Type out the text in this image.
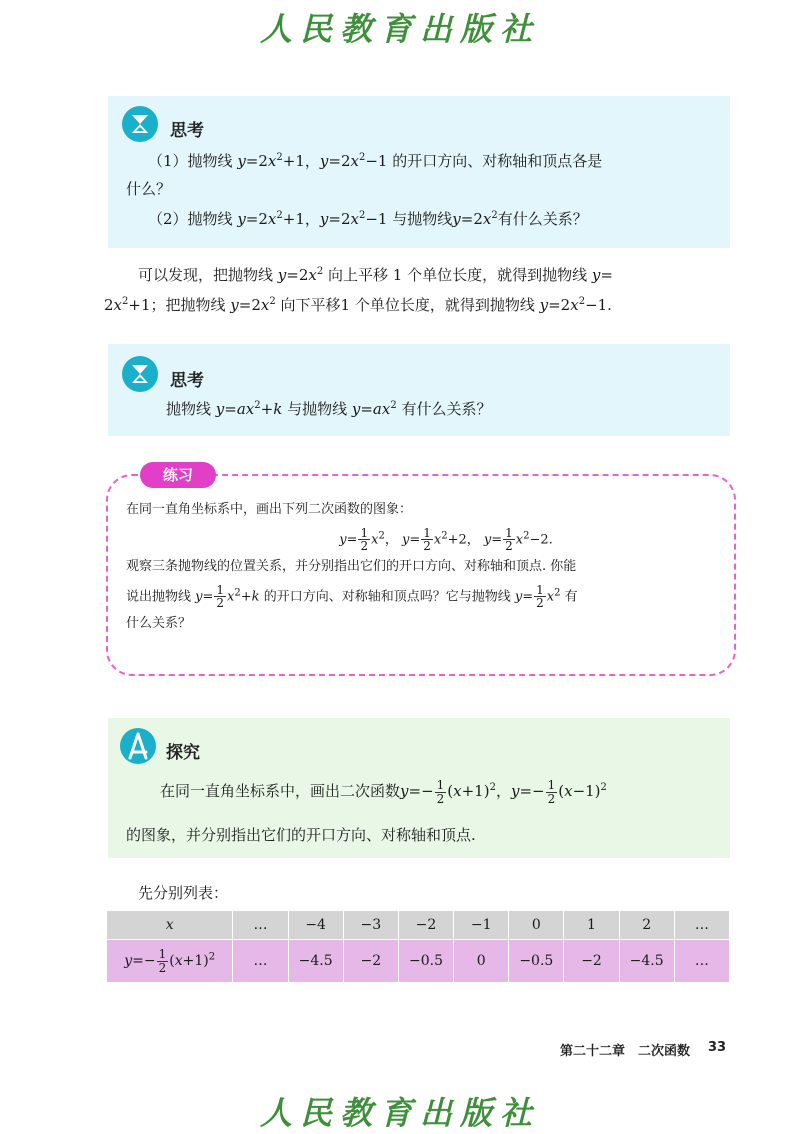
人民教育出版社
思考
（1）抛物线 $y=2x^2+1$，$y=2x^2-1$ 的开口方向、对称轴和顶点各是
什么？
（2）抛物线 $y=2x^2+1$，$y=2x^2-1$ 与抛物线$y=2x^2$有什么关系？
可以发现，把抛物线 $y=2x^2$ 向上平移 1 个单位长度，就得到抛物线 y=
$2x^2+1$；把抛物线 $y=2x^2$ 向下平移1 个单位长度，就得到抛物线 $y=2x^2-1$.
思考
抛物线 $y=ax^2+k$ 与抛物线 $y=ax^2$ 有什么关系？
练习
在同一直角坐标系中，画出下列二次函数的图象：
$y= \frac{1}{2} x^2$， $y= \frac{1}{2} x^2+2$， $y= \frac{1}{2} x^2-2$.
观察三条抛物线的位置关系，并分别指出它们的开口方向、对称轴和顶点. 你能
说出抛物线 $y= \frac{1}{2} x^2+k$ 的开口方向、对称轴和顶点吗？它与抛物线 $y= \frac{1}{2} x^2$ 有
什么关系？
探究
在同一直角坐标系中，画出二次函数$y=- \frac{1}{2} (x+1)^2$，$y=- \frac{1}{2} (x-1)^2$
的图象，并分别指出它们的开口方向、对称轴和顶点.
先分别列表：
x	…	−4	−3	−2	−1	0	1	2	…
$y=- \frac{1}{2} (x+1)^2$	…	−4.5	−2	−0.5	0	−0.5	−2	−4.5	…
第二十二章　二次函数 33
人民教育出版社
